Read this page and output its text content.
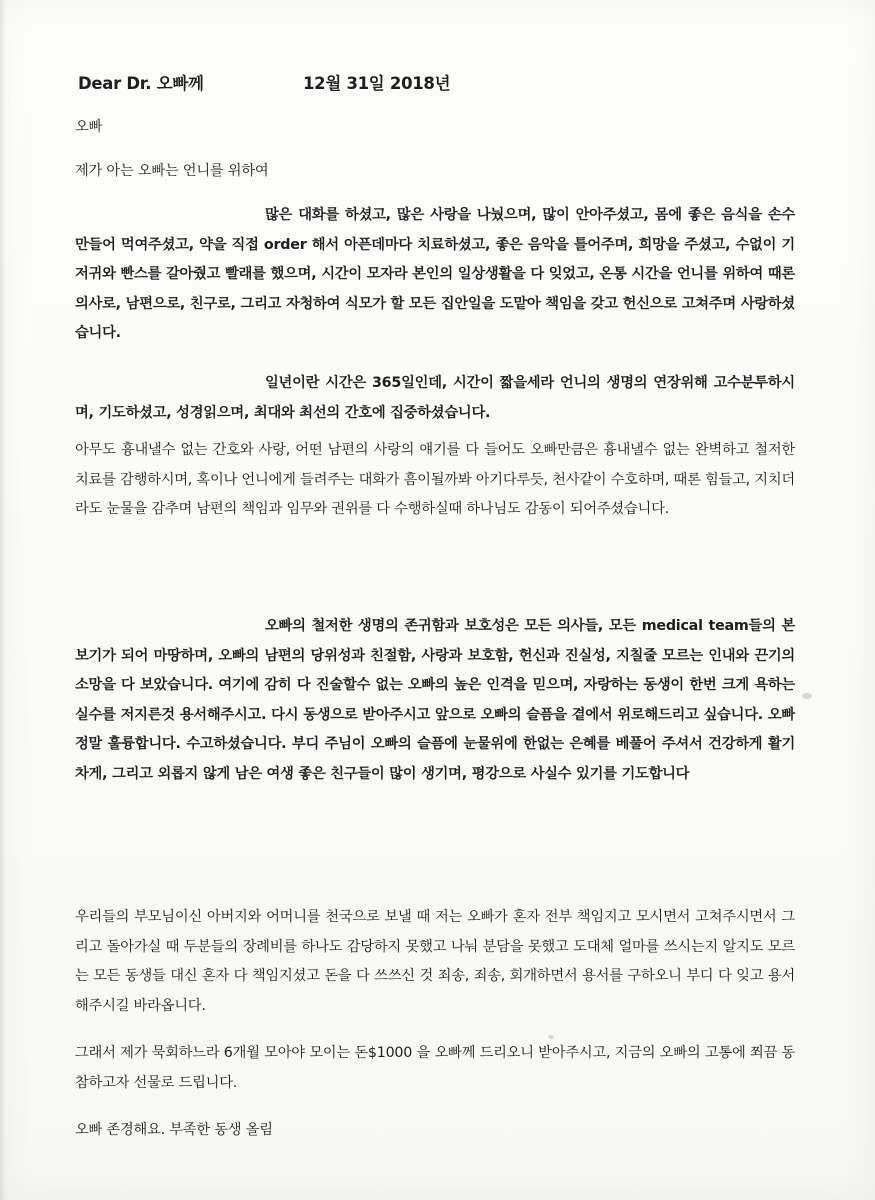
Dear Dr. 오빠께	12월 31일 2018년

오빠

제가 아는 오빠는 언니를 위하여

많은 대화를 하셨고, 많은 사랑을 나눴으며, 많이 안아주셨고, 몸에 좋은 음식을 손수 만들어 먹여주셨고, 약을 직접 order 해서 아픈데마다 치료하셨고, 좋은 음악을 틀어주며, 희망을 주셨고, 수없이 기저귀와 빤스를 갈아줬고 빨래를 했으며, 시간이 모자라 본인의 일상생활을 다 잊었고, 온통 시간을 언니를 위하여 때론 의사로, 남편으로, 친구로, 그리고 자청하여 식모가 할 모든 집안일을 도맡아 책임을 갖고 헌신으로 고쳐주며 사랑하셨습니다.

일년이란 시간은 365일인데, 시간이 짧을세라 언니의 생명의 연장위해 고수분투하시며, 기도하셨고, 성경읽으며, 최대와 최선의 간호에 집중하셨습니다.

아무도 흉내낼수 없는 간호와 사랑, 어떤 남편의 사랑의 얘기를 다 들어도 오빠만큼은 흉내낼수 없는 완벽하고 철저한 치료를 감행하시며, 혹이나 언니에게 들려주는 대화가 흠이될까봐 아기다루듯, 천사같이 수호하며, 때론 힘들고, 지치더라도 눈물을 감추며 남편의 책임과 임무와 권위를 다 수행하실때 하나님도 감동이 되어주셨습니다.

오빠의 철저한 생명의 존귀함과 보호성은 모든 의사들, 모든 medical team들의 본보기가 되어 마땅하며, 오빠의 남편의 당위성과 친절함, 사랑과 보호함, 헌신과 진실성, 지칠줄 모르는 인내와 끈기의 소망을 다 보았습니다. 여기에 감히 다 진술할수 없는 오빠의 높은 인격을 믿으며, 자랑하는 동생이 한번 크게 욕하는 실수를 저지른것 용서해주시고. 다시 동생으로 받아주시고 앞으로 오빠의 슬픔을 곁에서 위로해드리고 싶습니다. 오빠 정말 훌륭합니다. 수고하셨습니다. 부디 주님이 오빠의 슬픔에 눈물위에 한없는 은혜를 베풀어 주셔서 건강하게 활기차게, 그리고 외롭지 않게 남은 여생 좋은 친구들이 많이 생기며, 평강으로 사실수 있기를 기도합니다

우리들의 부모님이신 아버지와 어머니를 천국으로 보낼 때 저는 오빠가 혼자 전부 책임지고 모시면서 고쳐주시면서 그리고 돌아가실 때 두분들의 장례비를 하나도 감당하지 못했고 나눠 분담을 못했고 도대체 얼마를 쓰시는지 알지도 모르는 모든 동생들 대신 혼자 다 책임지셨고 돈을 다 쓰쓰신 것 죄송, 죄송, 회개하면서 용서를 구하오니 부디 다 잊고 용서해주시길 바라옵니다.

그래서 제가 묵회하느라 6개월 모아야 모이는 돈$1000 을 오빠께 드리오니 받아주시고, 지금의 오빠의 고통에 쬐끔 동참하고자 선물로 드립니다.

오빠 존경해요. 부족한 동생 올림
